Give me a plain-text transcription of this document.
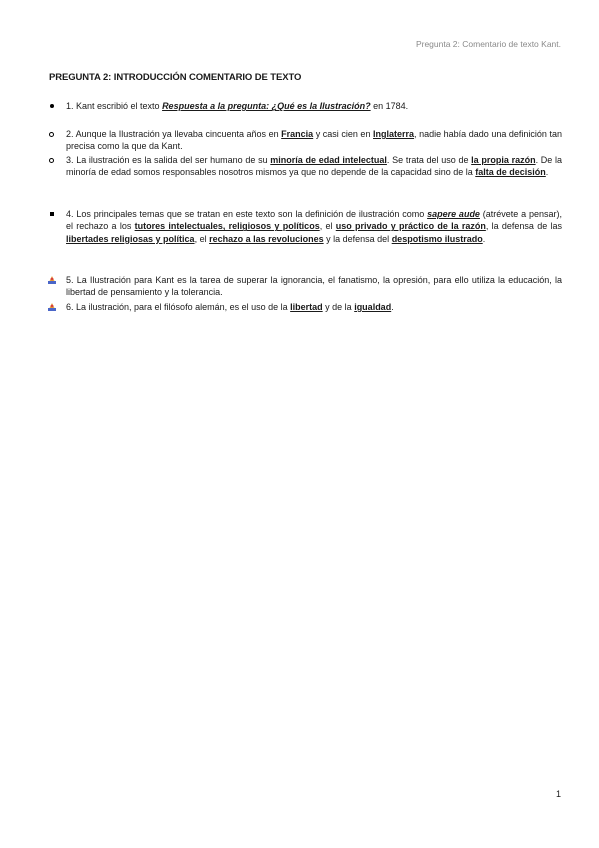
Pregunta 2: Comentario de texto Kant.
PREGUNTA 2: INTRODUCCIÓN COMENTARIO DE TEXTO
1. Kant escribió el texto Respuesta a la pregunta: ¿Qué es la Ilustración? en 1784.
2. Aunque la Ilustración ya llevaba cincuenta años en Francia y casi cien en Inglaterra, nadie había dado una definición tan precisa como la que da Kant.
3. La ilustración es la salida del ser humano de su minoría de edad intelectual. Se trata del uso de la propia razón. De la minoría de edad somos responsables nosotros mismos ya que no depende de la capacidad sino de la falta de decisión.
4. Los principales temas que se tratan en este texto son la definición de ilustración como sapere aude (atrévete a pensar), el rechazo a los tutores intelectuales, religiosos y políticos, el uso privado y práctico de la razón, la defensa de las libertades religiosas y política, el rechazo a las revoluciones y la defensa del despotismo ilustrado.
5. La Ilustración para Kant es la tarea de superar la ignorancia, el fanatismo, la opresión, para ello utiliza la educación, la libertad de pensamiento y la tolerancia.
6. La ilustración, para el filósofo alemán, es el uso de la libertad y de la igualdad.
1
